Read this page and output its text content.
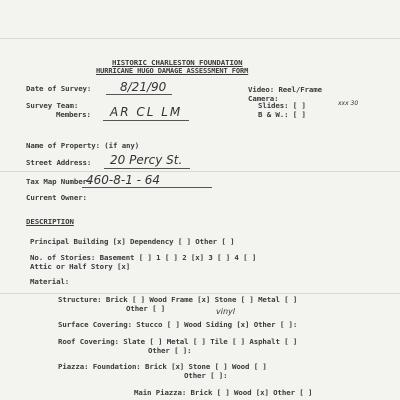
HISTORIC CHARLESTON FOUNDATION
HURRICANE HUGO DAMAGE ASSESSMENT FORM
Date of Survey: 8/21/90
Survey Team:
Members: AR CL LM
Video: Reel/Frame
Camera:
Slides: [ ]	xxx 30
B & W.: [ ]
Name of Property: (if any)
Street Address: 20 Percy St.
Tax Map Number:
460-8-1 - 64
Current Owner:
DESCRIPTION
Principal Building [x] Dependency [ ] Other [ ]
No. of Stories: Basement [ ] 1 [ ] 2 [x] 3 [ ] 4 [ ]
Attic or Half Story [x]
Material:
Structure: Brick [ ] Wood Frame [x] Stone [ ] Metal [ ]
Other [ ]	vinyl
Surface Covering: Stucco [ ] Wood Siding [x] Other [ ]:
Roof Covering: Slate [ ] Metal [ ] Tile [ ] Asphalt [ ]
Other [ ]:
Piazza: Foundation: Brick [x] Stone [ ] Wood [ ]
Other [ ]:
Main Piazza: Brick [ ] Wood [x] Other [ ]
